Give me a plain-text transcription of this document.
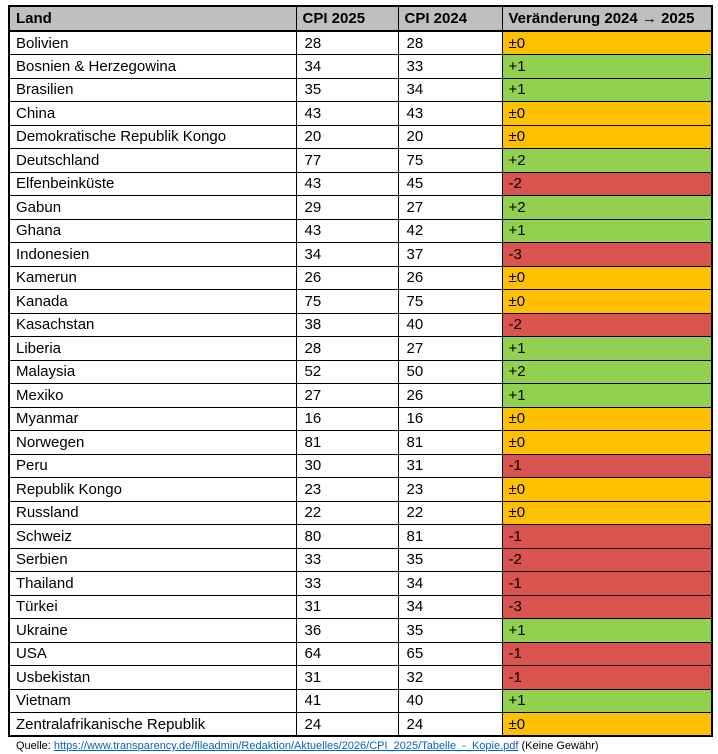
Land	CPI 2025	CPI 2024	Veränderung 2024 → 2025
Bolivien	28	28	±0
Bosnien & Herzegowina	34	33	+1
Brasilien	35	34	+1
China	43	43	±0
Demokratische Republik Kongo	20	20	±0
Deutschland	77	75	+2
Elfenbeinküste	43	45	-2
Gabun	29	27	+2
Ghana	43	42	+1
Indonesien	34	37	-3
Kamerun	26	26	±0
Kanada	75	75	±0
Kasachstan	38	40	-2
Liberia	28	27	+1
Malaysia	52	50	+2
Mexiko	27	26	+1
Myanmar	16	16	±0
Norwegen	81	81	±0
Peru	30	31	-1
Republik Kongo	23	23	±0
Russland	22	22	±0
Schweiz	80	81	-1
Serbien	33	35	-2
Thailand	33	34	-1
Türkei	31	34	-3
Ukraine	36	35	+1
USA	64	65	-1
Usbekistan	31	32	-1
Vietnam	41	40	+1
Zentralafrikanische Republik	24	24	±0
Quelle: https://www.transparency.de/fileadmin/Redaktion/Aktuelles/2026/CPI_2025/Tabelle_-_Kopie.pdf (Keine Gewähr)
